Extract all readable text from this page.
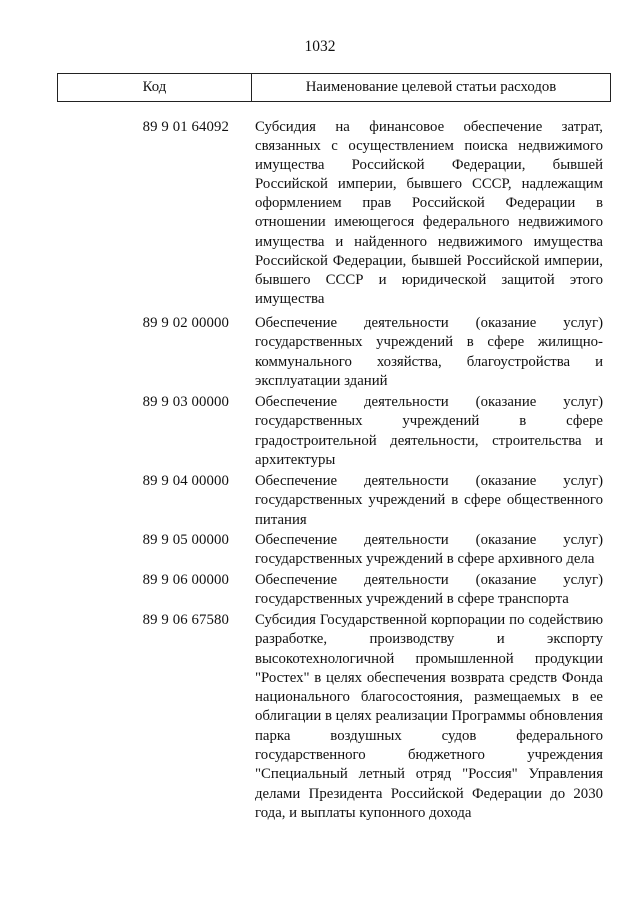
1032
Код	Наименование целевой статьи расходов
89 9 01 64092 Субсидия на финансовое обеспечение затрат, связанных с осуществлением поиска недвижимого имущества Российской Федерации, бывшей Российской империи, бывшего СССР, надлежащим оформлением прав Российской Федерации в отношении имеющегося федерального недвижимого имущества и найденного недвижимого имущества Российской Федерации, бывшей Российской империи, бывшего СССР и юридической защитой этого имущества
89 9 02 00000 Обеспечение деятельности (оказание услуг) государственных учреждений в сфере жилищно-коммунального хозяйства, благоустройства и эксплуатации зданий
89 9 03 00000 Обеспечение деятельности (оказание услуг) государственных учреждений в сфере градостроительной деятельности, строительства и архитектуры
89 9 04 00000 Обеспечение деятельности (оказание услуг) государственных учреждений в сфере общественного питания
89 9 05 00000 Обеспечение деятельности (оказание услуг) государственных учреждений в сфере архивного дела
89 9 06 00000 Обеспечение деятельности (оказание услуг) государственных учреждений в сфере транспорта
89 9 06 67580 Субсидия Государственной корпорации по содействию разработке, производству и экспорту высокотехнологичной промышленной продукции "Ростех" в целях обеспечения возврата средств Фонда национального благосостояния, размещаемых в ее облигации в целях реализации Программы обновления парка воздушных судов федерального государственного бюджетного учреждения "Специальный летный отряд "Россия" Управления делами Президента Российской Федерации до 2030 года, и выплаты купонного дохода
